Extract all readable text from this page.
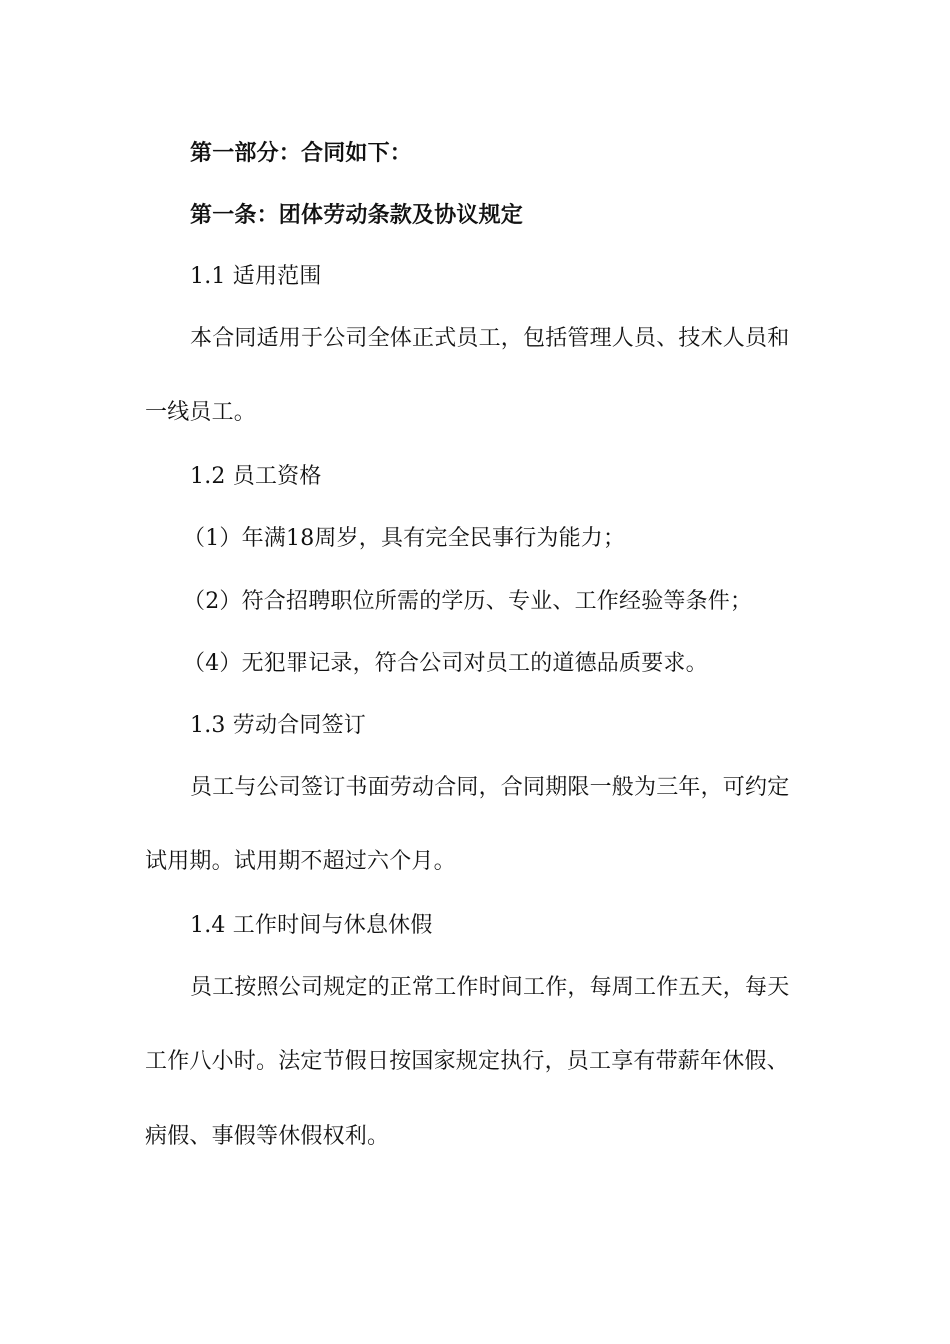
第一部分：合同如下：
第一条：团体劳动条款及协议规定
1.1 适用范围
本合同适用于公司全体正式员工，包括管理人员、技术人员和
一线员工。
1.2 员工资格
（1）年满18周岁，具有完全民事行为能力；
（2）符合招聘职位所需的学历、专业、工作经验等条件；
（4）无犯罪记录，符合公司对员工的道德品质要求。
1.3 劳动合同签订
员工与公司签订书面劳动合同，合同期限一般为三年，可约定
试用期。试用期不超过六个月。
1.4 工作时间与休息休假
员工按照公司规定的正常工作时间工作，每周工作五天，每天
工作八小时。法定节假日按国家规定执行，员工享有带薪年休假、
病假、事假等休假权利。
